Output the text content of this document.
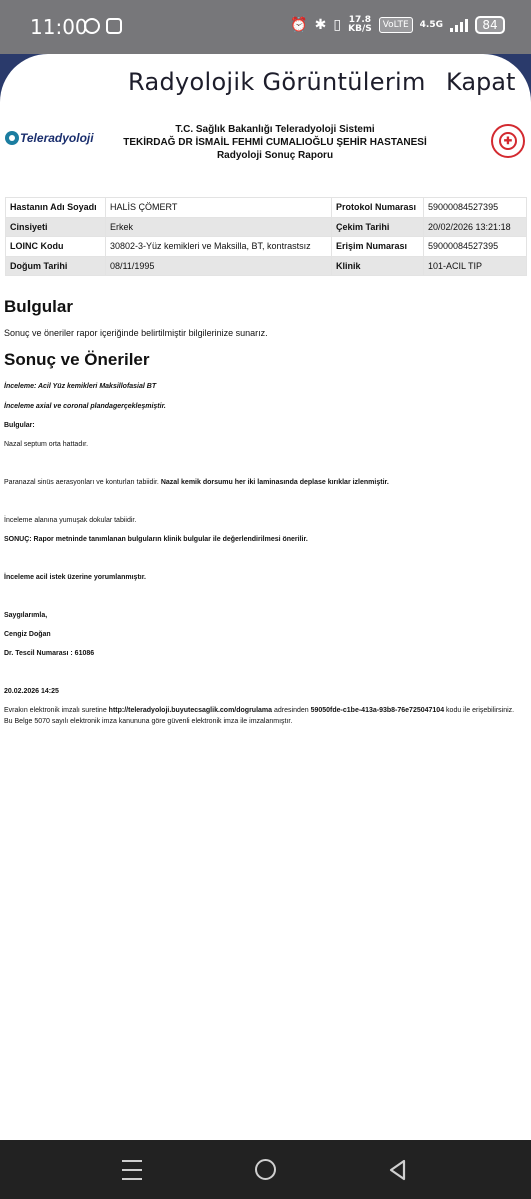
11:00	⏰ ✱ ▯ 17.8
KB/S	VoLTE	4.5G	84
Radyolojik Görüntülerim Kapat
Teleradyoloji
T.C. Sağlık Bakanlığı Teleradyoloji Sistemi
TEKİRDAĞ DR İSMAİL FEHMİ CUMALIOĞLU ŞEHİR HASTANESİ
Radyoloji Sonuç Raporu
✚
Hastanın Adı Soyadı	HALİS ÇÖMERT	Protokol Numarası	59000084527395
Cinsiyeti	Erkek	Çekim Tarihi	20/02/2026 13:21:18
LOINC Kodu	30802-3-Yüz kemikleri ve Maksilla, BT, kontrastsız	Erişim Numarası	59000084527395
Doğum Tarihi	08/11/1995	Klinik	101-ACIL TIP
Bulgular
Sonuç ve öneriler rapor içeriğinde belirtilmiştir bilgilerinize sunarız.
Sonuç ve Öneriler
İnceleme: Acil Yüz kemikleri Maksillofasial BT
İnceleme axial ve coronal plandagerçekleşmiştir.
Bulgular:
Nazal septum orta hattadır.
Paranazal sinüs aerasyonları ve konturları tabiidir. Nazal kemik dorsumu her iki laminasında deplase kırıklar izlenmiştir.
İnceleme alanına yumuşak dokular tabiidir.
SONUÇ: Rapor metninde tanımlanan bulguların klinik bulgular ile değerlendirilmesi önerilir.
İnceleme acil istek üzerine yorumlanmıştır.
Saygılarımla,
Cengiz Doğan
Dr. Tescil Numarası : 61086
20.02.2026 14:25
Evrakın elektronik imzalı suretine http://teleradyoloji.buyutecsaglik.com/dogrulama adresinden 59050fde-c1be-413a-93b8-76e725047104 kodu ile erişebilirsiniz.
Bu Belge 5070 sayılı elektronik imza kanununa göre güvenli elektronik imza ile imzalanmıştır.
